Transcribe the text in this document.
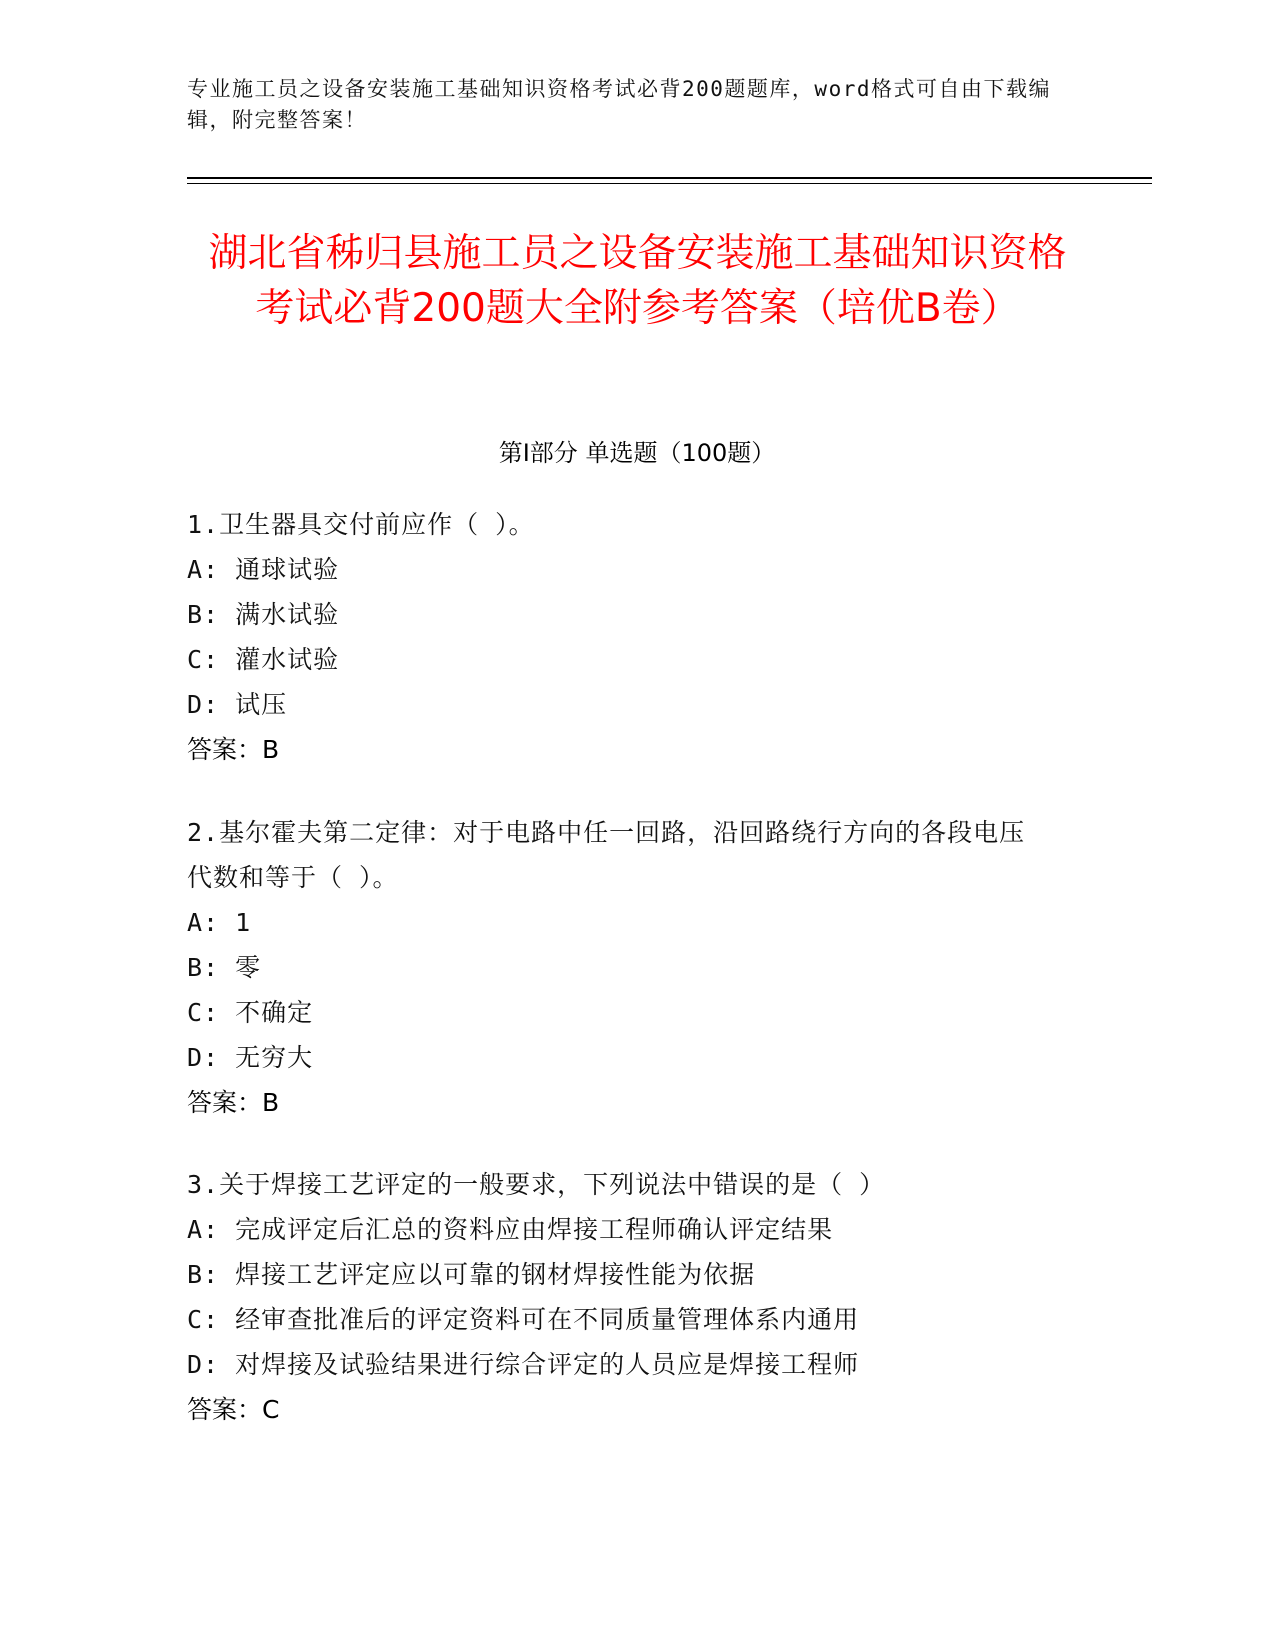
专业施工员之设备安装施工基础知识资格考试必背200题题库，word格式可自由下载编辑，附完整答案！
湖北省秭归县施工员之设备安装施工基础知识资格考试必背200题大全附参考答案（培优B卷）
第Ⅰ部分 单选题（100题）
1.卫生器具交付前应作（ ）。
A: 通球试验
B: 满水试验
C: 灌水试验
D: 试压
答案：B
2.基尔霍夫第二定律：对于电路中任一回路，沿回路绕行方向的各段电压代数和等于（ ）。
A: 1
B: 零
C: 不确定
D: 无穷大
答案：B
3.关于焊接工艺评定的一般要求，下列说法中错误的是（ ）
A: 完成评定后汇总的资料应由焊接工程师确认评定结果
B: 焊接工艺评定应以可靠的钢材焊接性能为依据
C: 经审查批准后的评定资料可在不同质量管理体系内通用
D: 对焊接及试验结果进行综合评定的人员应是焊接工程师
答案：C
